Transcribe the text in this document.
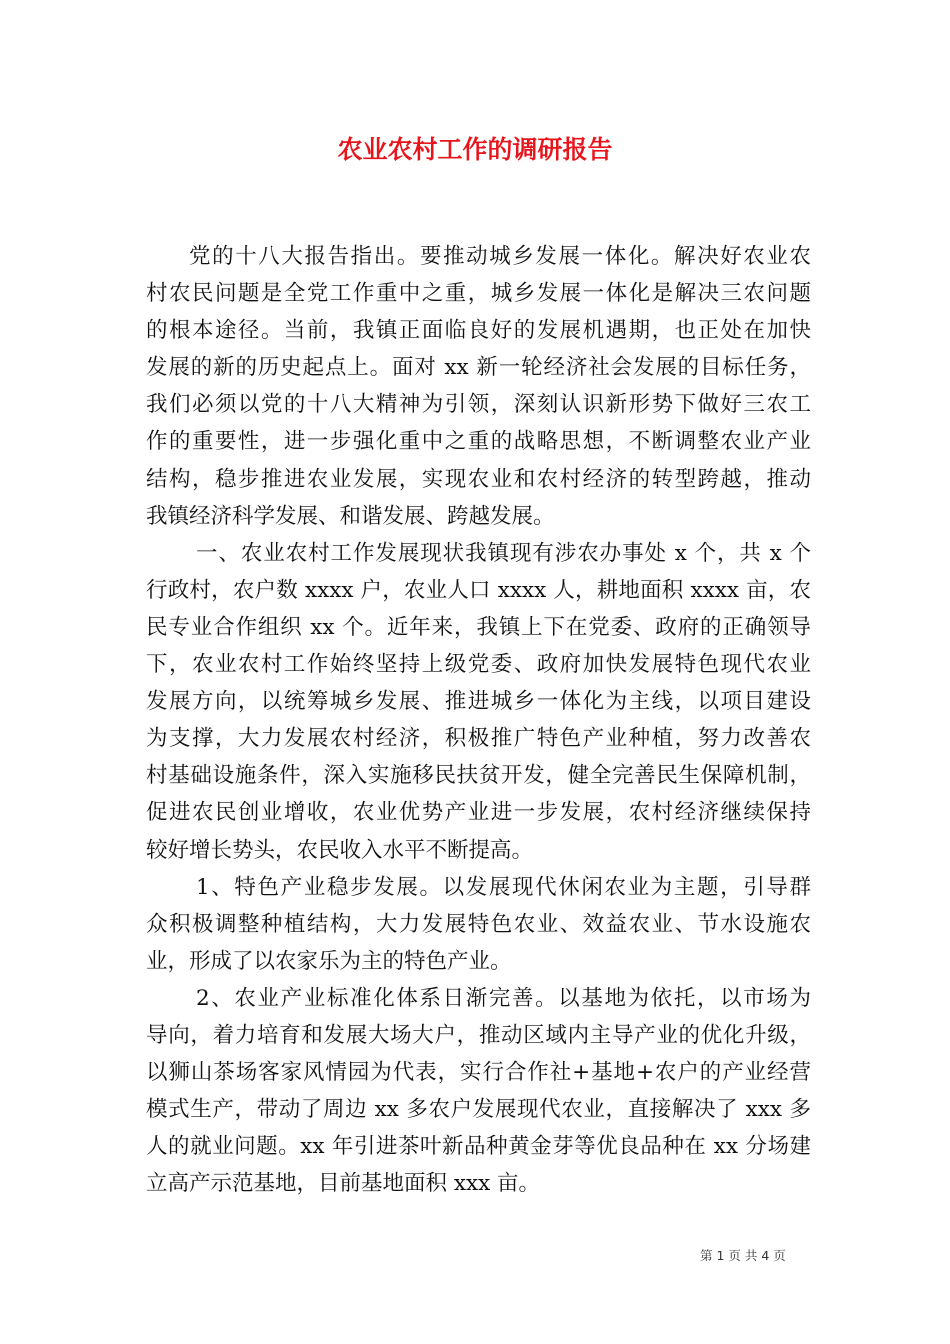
农业农村工作的调研报告
党的十八大报告指出。要推动城乡发展一体化。解决好农业农
村农民问题是全党工作重中之重，城乡发展一体化是解决三农问题
的根本途径。当前，我镇正面临良好的发展机遇期，也正处在加快
发展的新的历史起点上。面对 xx 新一轮经济社会发展的目标任务，
我们必须以党的十八大精神为引领，深刻认识新形势下做好三农工
作的重要性，进一步强化重中之重的战略思想，不断调整农业产业
结构，稳步推进农业发展，实现农业和农村经济的转型跨越，推动
我镇经济科学发展、和谐发展、跨越发展。
一、农业农村工作发展现状我镇现有涉农办事处 x 个，共 x 个
行政村，农户数 xxxx 户，农业人口 xxxx 人，耕地面积 xxxx 亩，农
民专业合作组织 xx 个。近年来，我镇上下在党委、政府的正确领导
下，农业农村工作始终坚持上级党委、政府加快发展特色现代农业
发展方向，以统筹城乡发展、推进城乡一体化为主线，以项目建设
为支撑，大力发展农村经济，积极推广特色产业种植，努力改善农
村基础设施条件，深入实施移民扶贫开发，健全完善民生保障机制，
促进农民创业增收，农业优势产业进一步发展，农村经济继续保持
较好增长势头，农民收入水平不断提高。
1、特色产业稳步发展。以发展现代休闲农业为主题，引导群
众积极调整种植结构，大力发展特色农业、效益农业、节水设施农
业，形成了以农家乐为主的特色产业。
2、农业产业标准化体系日渐完善。以基地为依托，以市场为
导向，着力培育和发展大场大户，推动区域内主导产业的优化升级，
以狮山茶场客家风情园为代表，实行合作社+基地+农户的产业经营
模式生产，带动了周边 xx 多农户发展现代农业，直接解决了 xxx 多
人的就业问题。xx 年引进茶叶新品种黄金芽等优良品种在 xx 分场建
立高产示范基地，目前基地面积 xxx 亩。
第 1 页 共 4 页
